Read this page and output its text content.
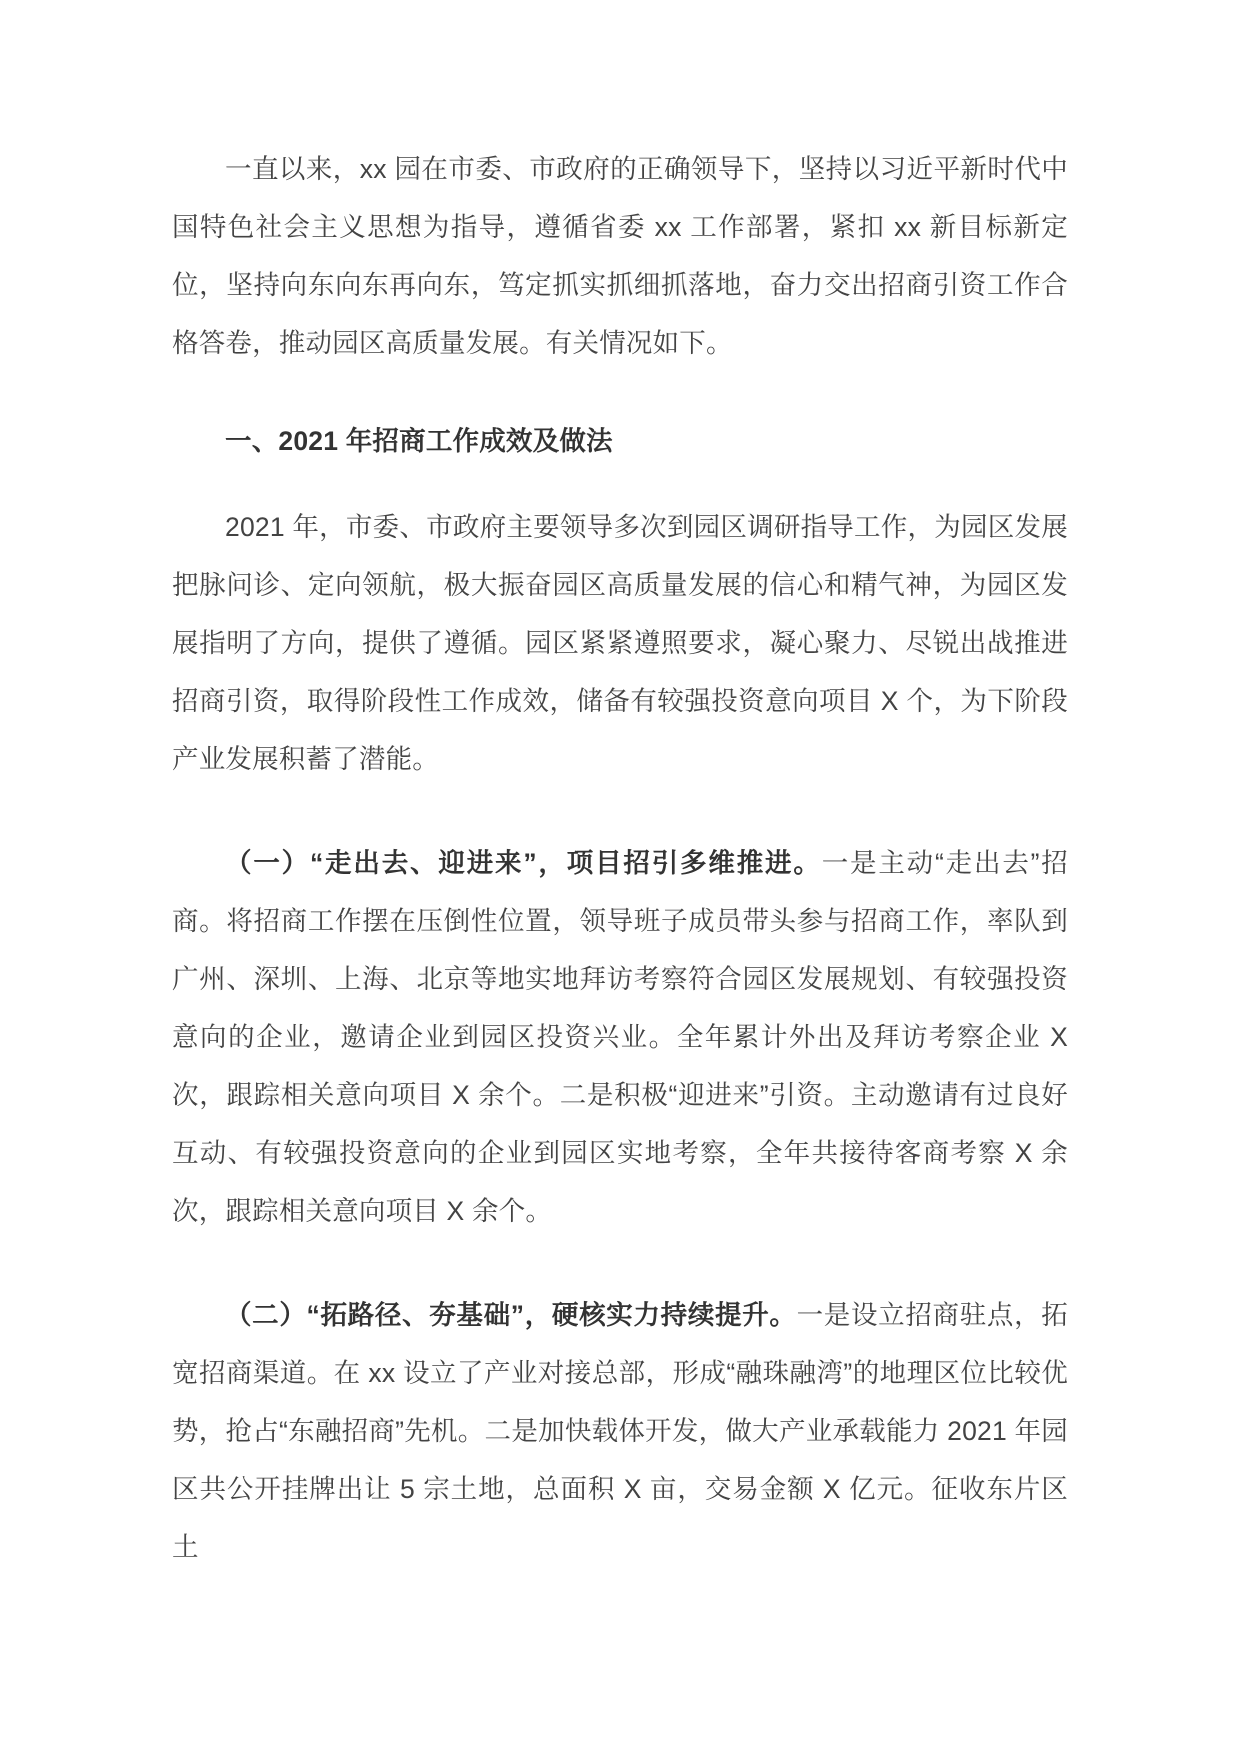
一直以来，xx 园在市委、市政府的正确领导下，坚持以习近平新时代中国特色社会主义思想为指导，遵循省委 xx 工作部署，紧扣 xx 新目标新定位，坚持向东向东再向东，笃定抓实抓细抓落地，奋力交出招商引资工作合格答卷，推动园区高质量发展。有关情况如下。

一、2021 年招商工作成效及做法

2021 年，市委、市政府主要领导多次到园区调研指导工作，为园区发展把脉问诊、定向领航，极大振奋园区高质量发展的信心和精气神，为园区发展指明了方向，提供了遵循。园区紧紧遵照要求，凝心聚力、尽锐出战推进招商引资，取得阶段性工作成效，储备有较强投资意向项目 X 个，为下阶段产业发展积蓄了潜能。

（一）“走出去、迎进来”，项目招引多维推进。一是主动“走出去”招商。将招商工作摆在压倒性位置，领导班子成员带头参与招商工作，率队到广州、深圳、上海、北京等地实地拜访考察符合园区发展规划、有较强投资意向的企业，邀请企业到园区投资兴业。全年累计外出及拜访考察企业 X 次，跟踪相关意向项目 X 余个。二是积极“迎进来”引资。主动邀请有过良好互动、有较强投资意向的企业到园区实地考察，全年共接待客商考察 X 余次，跟踪相关意向项目 X 余个。

（二）“拓路径、夯基础”，硬核实力持续提升。一是设立招商驻点，拓宽招商渠道。在 xx 设立了产业对接总部，形成“融珠融湾”的地理区位比较优势，抢占“东融招商”先机。二是加快载体开发，做大产业承载能力 2021 年园区共公开挂牌出让 5 宗土地，总面积 X 亩，交易金额 X 亿元。征收东片区土
